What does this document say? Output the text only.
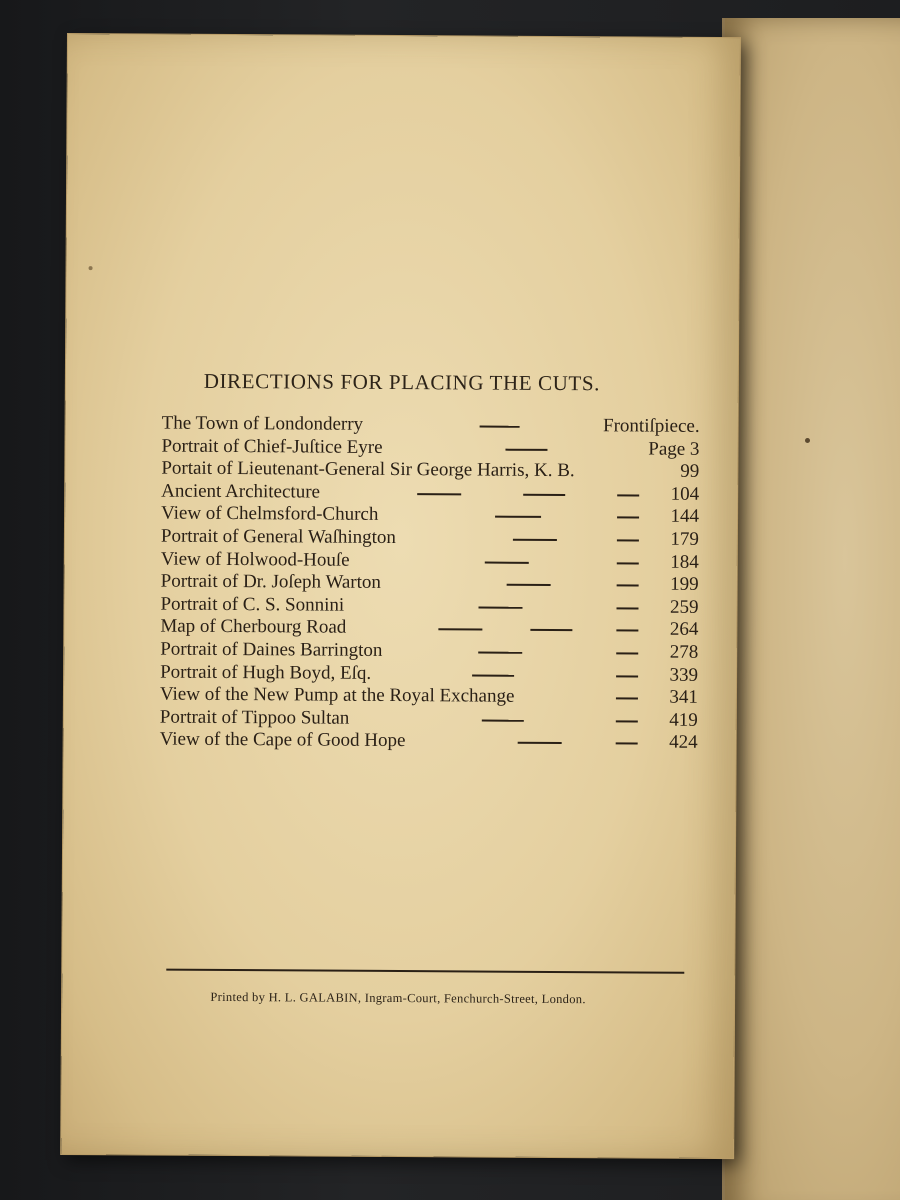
DIRECTIONS FOR PLACING THE CUTS.
The Town of Londonderry	Frontiſpiece.
Portrait of Chief-Juſtice Eyre	Page 3
Portait of Lieutenant-General Sir George Harris, K. B.	99
Ancient Architecture	104
View of Chelmsford-Church	144
Portrait of General Waſhington	179
View of Holwood-Houſe	184
Portrait of Dr. Joſeph Warton	199
Portrait of C. S. Sonnini	259
Map of Cherbourg Road	264
Portrait of Daines Barrington	278
Portrait of Hugh Boyd, Eſq.	339
View of the New Pump at the Royal Exchange	341
Portrait of Tippoo Sultan	419
View of the Cape of Good Hope	424
Printed by H. L. GALABIN, Ingram-Court, Fenchurch-Street, London.
